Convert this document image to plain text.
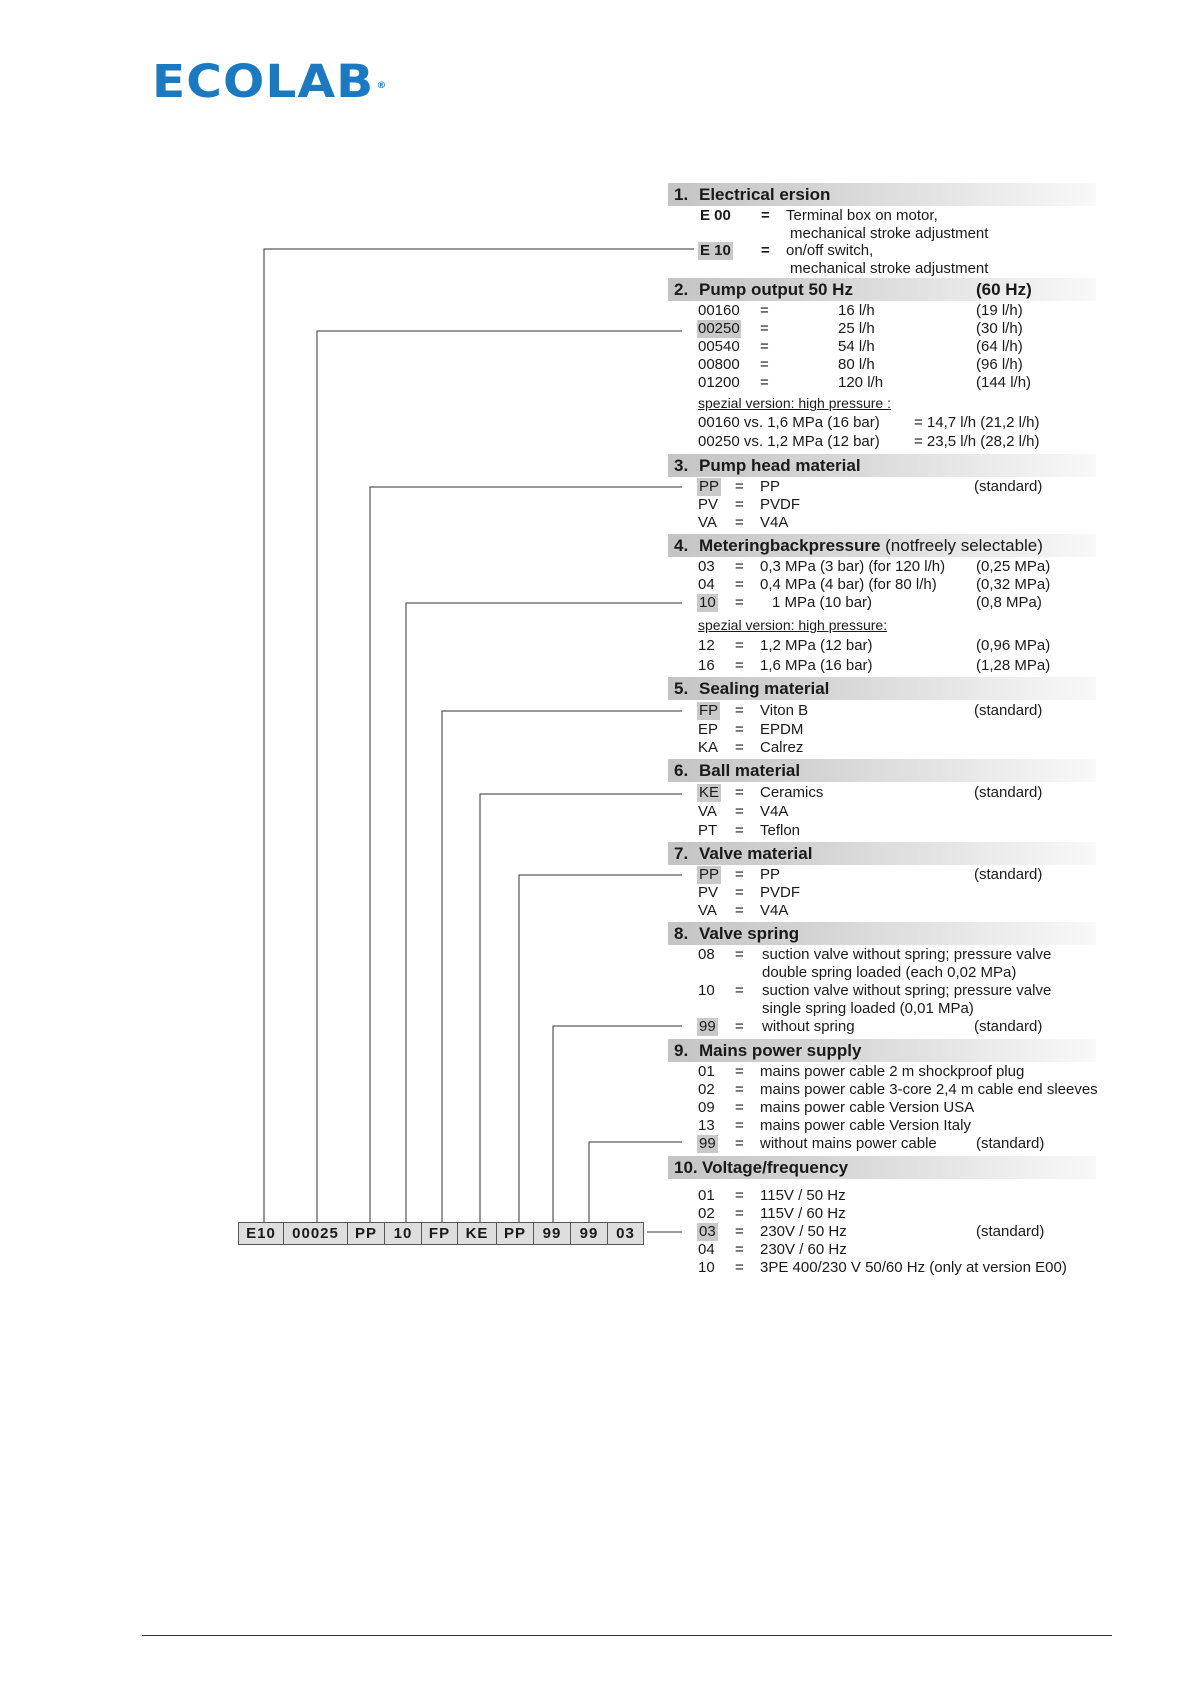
ECOLAB ®
1. Electrical ersion
E 00 = Terminal box on motor,
mechanical stroke adjustment
E 10 = on/off switch,
mechanical stroke adjustment
2. Pump output 50 Hz	(60 Hz)
00160 =	16 l/h	(19 l/h)
00250 =	25 l/h	(30 l/h)
00540 =	54 l/h	(64 l/h)
00800 =	80 l/h	(96 l/h)
01200 =	120 l/h	(144 l/h)
spezial version: high pressure :
00160 vs. 1,6 MPa (16 bar) = 14,7 l/h (21,2 l/h)
00250 vs. 1,2 MPa (12 bar) = 23,5 l/h (28,2 l/h)
3. Pump head material
PP = PP	(standard)
PV = PVDF
VA = V4A
4. Meteringbackpressure (notfreely selectable)
03 = 0,3 MPa (3 bar) (for 120 l/h) (0,25 MPa)
04 = 0,4 MPa (4 bar) (for 80 l/h)	(0,32 MPa)
10 = 1 MPa (10 bar)	(0,8 MPa)
spezial version: high pressure:
12 = 1,2 MPa (12 bar)	(0,96 MPa)
16 = 1,6 MPa (16 bar)	(1,28 MPa)
5. Sealing material
FP = Viton B	(standard)
EP = EPDM
KA = Calrez
6. Ball material
KE = Ceramics	(standard)
VA = V4A
PT = Teflon
7. Valve material
PP = PP	(standard)
PV = PVDF
VA = V4A
8. Valve spring
08 = suction valve without spring; pressure valve
double spring loaded (each 0,02 MPa)
10 = suction valve without spring; pressure valve
single spring loaded (0,01 MPa)
99 = without spring	(standard)
9. Mains power supply
01 = mains power cable 2 m shockproof plug
02 = mains power cable 3-core 2,4 m cable end sleeves
09 = mains power cable Version USA
13 = mains power cable Version Italy
99 = without mains power cable	(standard)
10. Voltage/frequency
01 = 115V / 50 Hz
02 = 115V / 60 Hz
03 = 230V / 50 Hz	(standard)
04 = 230V / 60 Hz
10 = 3PE 400/230 V 50/60 Hz (only at version E00)
E10	00025	PP	10	FP	KE	PP	99	99	03
